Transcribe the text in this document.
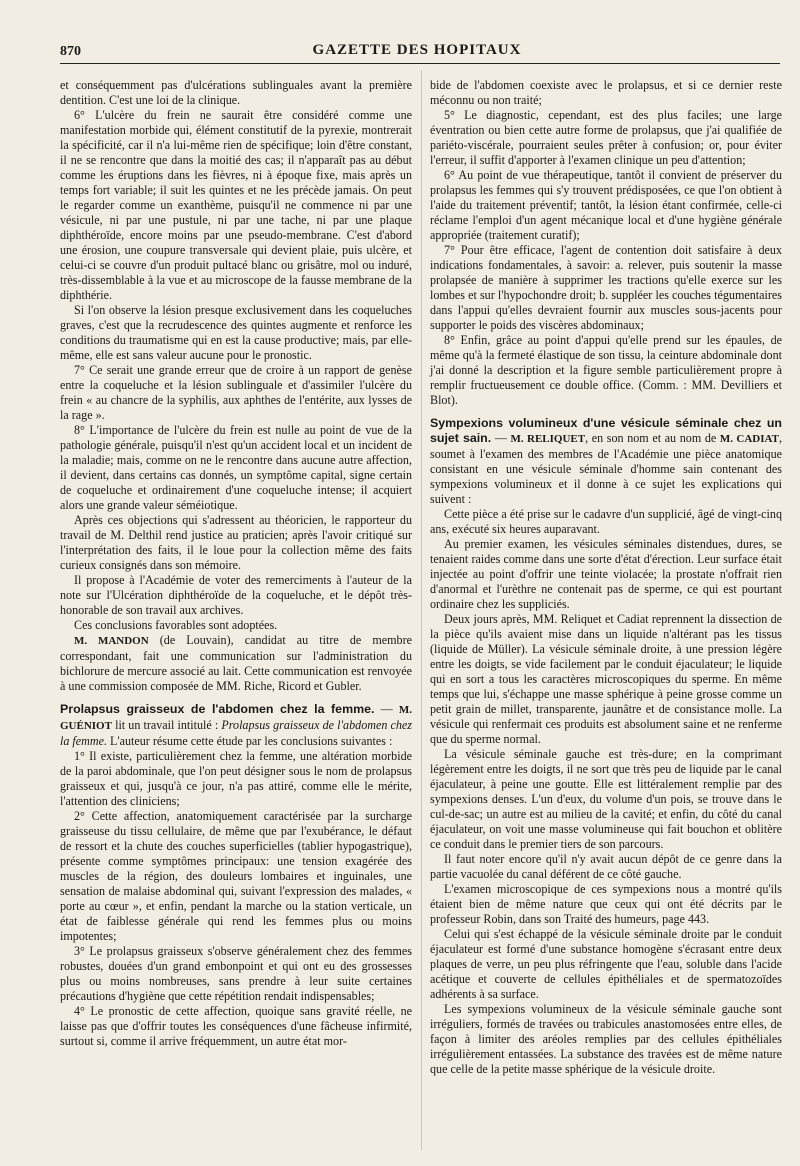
870	GAZETTE DES HOPITAUX

et conséquemment pas d'ulcérations sublinguales avant la première dentition. C'est une loi de la clinique.

6° L'ulcère du frein ne saurait être considéré comme une manifestation morbide qui, élément constitutif de la pyrexie, montrerait la spécificité, car il n'a lui-même rien de spécifique; loin d'être constant, il ne se rencontre que dans la moitié des cas; il n'apparaît pas au début comme les éruptions dans les fièvres, ni à époque fixe, mais après un temps fort variable; il suit les quintes et ne les précède jamais. On peut le regarder comme un exanthème, puisqu'il ne commence ni par une vésicule, ni par une pustule, ni par une tache, ni par une plaque diphthéroïde, encore moins par une pseudo-membrane. C'est d'abord une érosion, une coupure transversale qui devient plaie, puis ulcère, et celui-ci se couvre d'un produit pultacé blanc ou grisâtre, mol ou induré, très-dissemblable à la vue et au microscope de la fausse membrane de la diphthérie.

Si l'on observe la lésion presque exclusivement dans les coqueluches graves, c'est que la recrudescence des quintes augmente et renforce les conditions du traumatisme qui en est la cause productive; mais, par elle-même, elle est sans valeur aucune pour le pronostic.

7° Ce serait une grande erreur que de croire à un rapport de genèse entre la coqueluche et la lésion sublinguale et d'assimiler l'ulcère du frein « au chancre de la syphilis, aux aphthes de l'entérite, aux lysses de la rage ».

8° L'importance de l'ulcère du frein est nulle au point de vue de la pathologie générale, puisqu'il n'est qu'un accident local et un incident de la maladie; mais, comme on ne le rencontre dans aucune autre affection, il devient, dans certains cas donnés, un symptôme capital, signe certain de coqueluche et ordinairement d'une coqueluche intense; il acquiert alors une grande valeur séméiotique.

Après ces objections qui s'adressent au théoricien, le rapporteur du travail de M. Delthil rend justice au praticien; après l'avoir critiqué sur l'interprétation des faits, il le loue pour la collection même des faits curieux consignés dans son mémoire.

Il propose à l'Académie de voter des remerciments à l'auteur de la note sur l'Ulcération diphthéroïde de la coqueluche, et le dépôt très-honorable de son travail aux archives.

Ces conclusions favorables sont adoptées.

M. MANDON (de Louvain), candidat au titre de membre correspondant, fait une communication sur l'administration du bichlorure de mercure associé au lait. Cette communication est renvoyée à une commission composée de MM. Riche, Ricord et Gubler.

Prolapsus graisseux de l'abdomen chez la femme. — M. GUÉNIOT lit un travail intitulé : Prolapsus graisseux de l'abdomen chez la femme. L'auteur résume cette étude par les conclusions suivantes :

1° Il existe, particulièrement chez la femme, une altération morbide de la paroi abdominale, que l'on peut désigner sous le nom de prolapsus graisseux et qui, jusqu'à ce jour, n'a pas attiré, comme elle le mérite, l'attention des cliniciens;

2° Cette affection, anatomiquement caractérisée par la surcharge graisseuse du tissu cellulaire, de même que par l'exubérance, le défaut de ressort et la chute des couches superficielles (tablier hypogastrique), présente comme symptômes principaux: une tension exagérée des muscles de la région, des douleurs lombaires et inguinales, une sensation de malaise abdominal qui, suivant l'expression des malades, « porte au cœur », et enfin, pendant la marche ou la station verticale, un état de faiblesse générale qui rend les femmes plus ou moins impotentes;

3° Le prolapsus graisseux s'observe généralement chez des femmes robustes, douées d'un grand embonpoint et qui ont eu des grossesses plus ou moins nombreuses, sans prendre à leur suite certaines précautions d'hygiène que cette répétition rendait indispensables;

4° Le pronostic de cette affection, quoique sans gravité réelle, ne laisse pas que d'offrir toutes les conséquences d'une fâcheuse infirmité, surtout si, comme il arrive fréquemment, un autre état mor-

bide de l'abdomen coexiste avec le prolapsus, et si ce dernier reste méconnu ou non traité;

5° Le diagnostic, cependant, est des plus faciles; une large éventration ou bien cette autre forme de prolapsus, que j'ai qualifiée de pariéto-viscérale, pourraient seules prêter à confusion; or, pour éviter l'erreur, il suffit d'apporter à l'examen clinique un peu d'attention;

6° Au point de vue thérapeutique, tantôt il convient de préserver du prolapsus les femmes qui s'y trouvent prédisposées, ce que l'on obtient à l'aide du traitement préventif; tantôt, la lésion étant confirmée, celle-ci réclame l'emploi d'un agent mécanique local et d'une hygiène générale appropriée (traitement curatif);

7° Pour être efficace, l'agent de contention doit satisfaire à deux indications fondamentales, à savoir: a. relever, puis soutenir la masse prolapsée de manière à supprimer les tractions qu'elle exerce sur les lombes et sur l'hypochondre droit; b. suppléer les couches tégumentaires dans l'appui qu'elles devraient fournir aux muscles sous-jacents pour supporter le poids des viscères abdominaux;

8° Enfin, grâce au point d'appui qu'elle prend sur les épaules, de même qu'à la fermeté élastique de son tissu, la ceinture abdominale dont j'ai donné la description et la figure semble particulièrement propre à remplir fructueusement ce double office. (Comm. : MM. Devilliers et Blot).

Sympexions volumineux d'une vésicule séminale chez un sujet sain. — M. RELIQUET, en son nom et au nom de M. CADIAT, soumet à l'examen des membres de l'Académie une pièce anatomique consistant en une vésicule séminale d'homme sain contenant des sympexions volumineux et il donne à ce sujet les explications qui suivent :

Cette pièce a été prise sur le cadavre d'un supplicié, âgé de vingt-cinq ans, exécuté six heures auparavant.

Au premier examen, les vésicules séminales distendues, dures, se tenaient raides comme dans une sorte d'état d'érection. Leur surface était injectée au point d'offrir une teinte violacée; la prostate n'offrait rien d'anormal et l'urèthre ne contenait pas de sperme, ce qui est pourtant ordinaire chez les suppliciés.

Deux jours après, MM. Reliquet et Cadiat reprennent la dissection de la pièce qu'ils avaient mise dans un liquide n'altérant pas les tissus (liquide de Müller). La vésicule séminale droite, à une pression légère entre les doigts, se vide facilement par le conduit éjaculateur; le liquide qui en sort a tous les caractères microscopiques du sperme. En même temps que lui, s'échappe une masse sphérique à peine grosse comme un petit grain de millet, transparente, jaunâtre et de consistance molle. La vésicule qui renfermait ces produits est absolument saine et ne renferme que du sperme normal.

La vésicule séminale gauche est très-dure; en la comprimant légèrement entre les doigts, il ne sort que très peu de liquide par le canal éjaculateur, à peine une goutte. Elle est littéralement remplie par des sympexions denses. L'un d'eux, du volume d'un pois, se trouve dans le cul-de-sac; un autre est au milieu de la cavité; et enfin, du côté du canal éjaculateur, on voit une masse volumineuse qui fait bouchon et oblitère ce conduit dans le premier tiers de son parcours.

Il faut noter encore qu'il n'y avait aucun dépôt de ce genre dans la partie vacuolée du canal déférent de ce côté gauche.

L'examen microscopique de ces sympexions nous a montré qu'ils étaient bien de même nature que ceux qui ont été décrits par le professeur Robin, dans son Traité des humeurs, page 443.

Celui qui s'est échappé de la vésicule séminale droite par le conduit éjaculateur est formé d'une substance homogène s'écrasant entre deux plaques de verre, un peu plus réfringente que l'eau, soluble dans l'acide acétique et couverte de cellules épithéliales et de spermatozoïdes adhérents à sa surface.

Les sympexions volumineux de la vésicule séminale gauche sont irréguliers, formés de travées ou trabicules anastomosées entre elles, de façon à limiter des aréoles remplies par des cellules épithéliales irrégulièrement entassées. La substance des travées est de même nature que celle de la petite masse sphérique de la vésicule droite.
